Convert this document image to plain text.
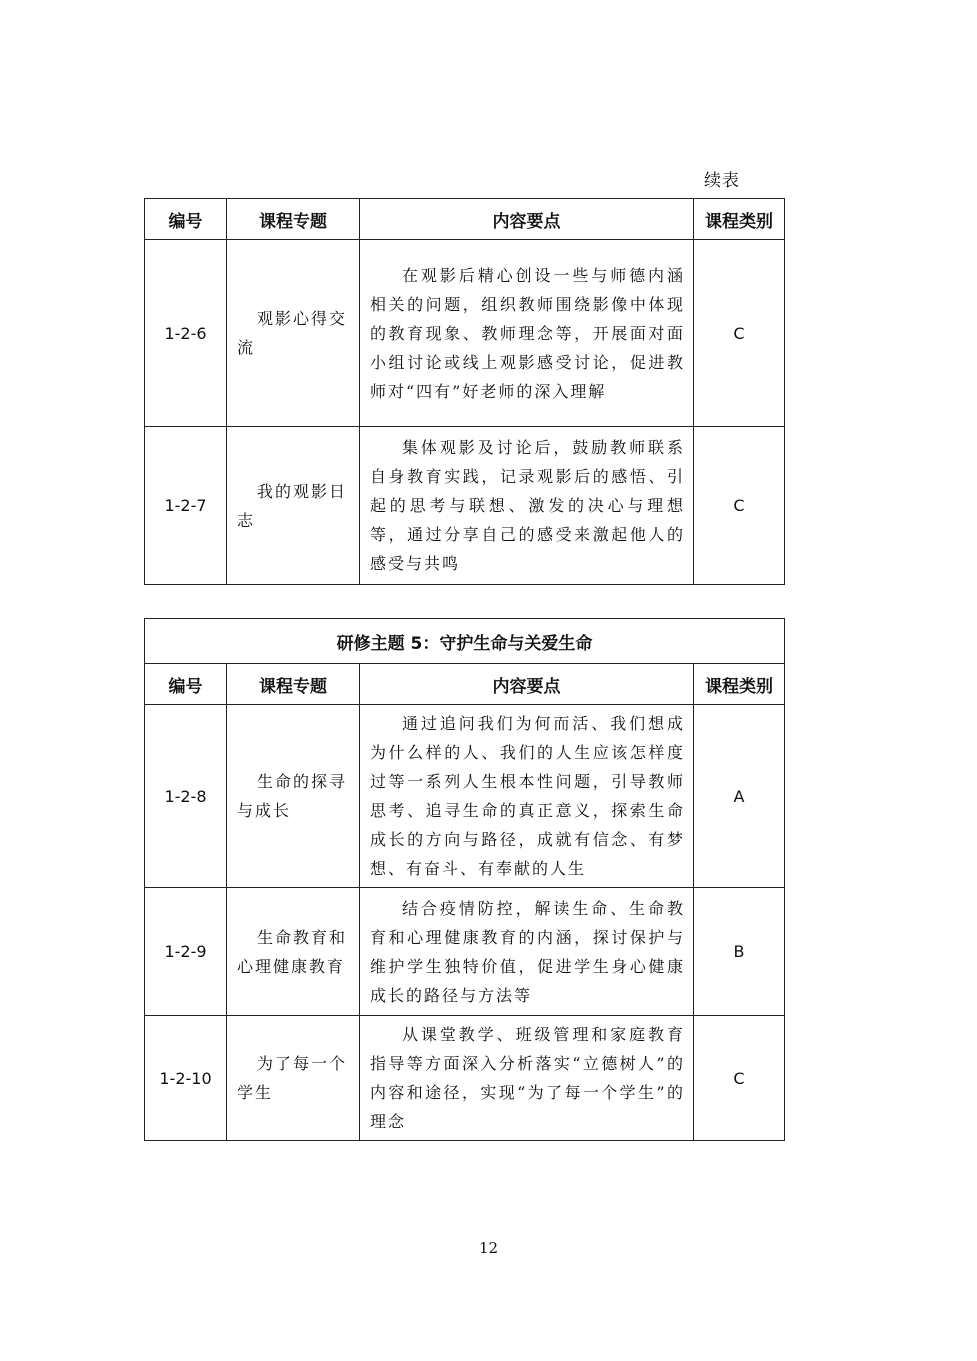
续表
编号	课程专题	内容要点	课程类别
1-2-6	观影心得交流	在观影后精心创设一些与师德内涵相关的问题，组织教师围绕影像中体现的教育现象、教师理念等，开展面对面小组讨论或线上观影感受讨论，促进教师对“四有”好老师的深入理解	C
1-2-7	我的观影日志	集体观影及讨论后，鼓励教师联系自身教育实践，记录观影后的感悟、引起的思考与联想、激发的决心与理想等，通过分享自己的感受来激起他人的感受与共鸣	C
研修主题 5：守护生命与关爱生命			
编号	课程专题	内容要点	课程类别
1-2-8	生命的探寻与成长	通过追问我们为何而活、我们想成为什么样的人、我们的人生应该怎样度过等一系列人生根本性问题，引导教师思考、追寻生命的真正意义，探索生命成长的方向与路径，成就有信念、有梦想、有奋斗、有奉献的人生	A
1-2-9	生命教育和心理健康教育	结合疫情防控，解读生命、生命教育和心理健康教育的内涵，探讨保护与维护学生独特价值，促进学生身心健康成长的路径与方法等	B
1-2-10	为了每一个学生	从课堂教学、班级管理和家庭教育指导等方面深入分析落实“立德树人”的内容和途径，实现“为了每一个学生”的理念	C
12
